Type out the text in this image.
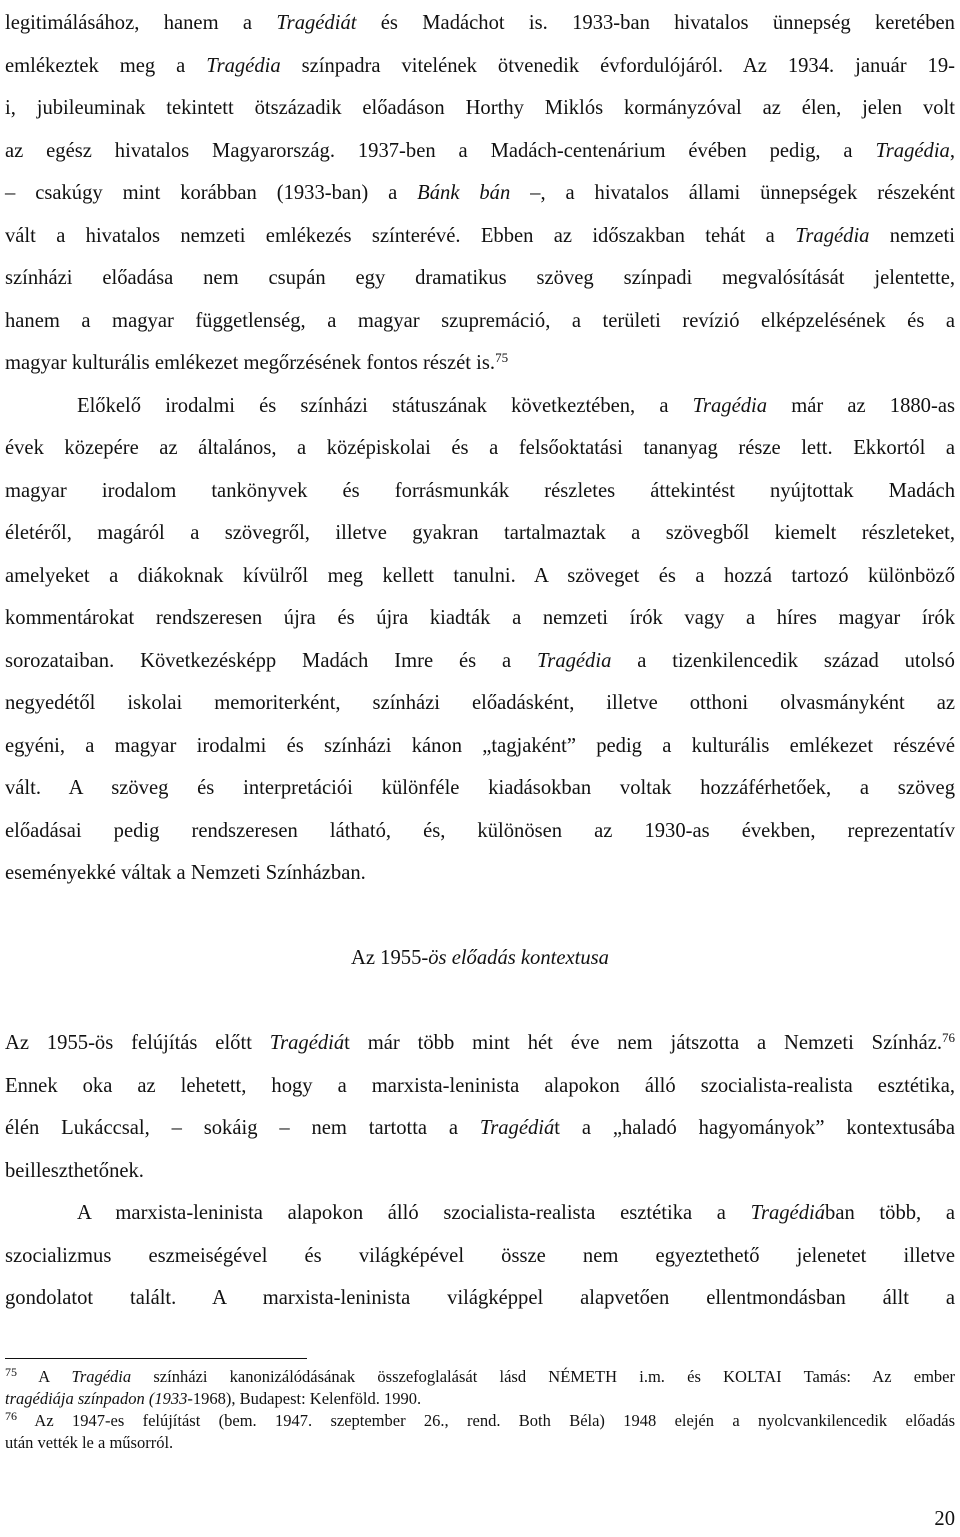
legitimálásához, hanem a Tragédiát és Madáchot is. 1933-ban hivatalos ünnepség keretében
emlékeztek meg a Tragédia színpadra vitelének ötvenedik évfordulójáról. Az 1934. január 19-
i, jubileuminak tekintett ötszázadik előadáson Horthy Miklós kormányzóval az élen, jelen volt
az egész hivatalos Magyarország. 1937-ben a Madách-centenárium évében pedig, a Tragédia,
– csakúgy mint korábban (1933-ban) a Bánk bán –, a hivatalos állami ünnepségek részeként
vált a hivatalos nemzeti emlékezés színterévé. Ebben az időszakban tehát a Tragédia nemzeti
színházi előadása nem csupán egy dramatikus szöveg színpadi megvalósítását jelentette,
hanem a magyar függetlenség, a magyar szupremáció, a területi revízió elképzelésének és a
magyar kulturális emlékezet megőrzésének fontos részét is.$^{75}$
Előkelő irodalmi és színházi státuszának következtében, a Tragédia már az 1880-as
évek közepére az általános, a középiskolai és a felsőoktatási tananyag része lett. Ekkortól a
magyar irodalom tankönyvek és forrásmunkák részletes áttekintést nyújtottak Madách
életéről, magáról a szövegről, illetve gyakran tartalmaztak a szövegből kiemelt részleteket,
amelyeket a diákoknak kívülről meg kellett tanulni. A szöveget és a hozzá tartozó különböző
kommentárokat rendszeresen újra és újra kiadták a nemzeti írók vagy a híres magyar írók
sorozataiban. Következésképp Madách Imre és a Tragédia a tizenkilencedik század utolsó
negyedétől iskolai memoriterként, színházi előadásként, illetve otthoni olvasmányként az
egyéni, a magyar irodalmi és színházi kánon „tagjaként” pedig a kulturális emlékezet részévé
vált. A szöveg és interpretációi különféle kiadásokban voltak hozzáférhetőek, a szöveg
előadásai pedig rendszeresen látható, és, különösen az 1930-as években, reprezentatív
eseményekké váltak a Nemzeti Színházban.
Az 1955-ös előadás kontextusa
Az 1955-ös felújítás előtt Tragédiát már több mint hét éve nem játszotta a Nemzeti Színház.$^{76}$
Ennek oka az lehetett, hogy a marxista-leninista alapokon álló szocialista-realista esztétika,
élén Lukáccsal, – sokáig – nem tartotta a Tragédiát a „haladó hagyományok” kontextusába
beilleszthetőnek.
A marxista-leninista alapokon álló szocialista-realista esztétika a Tragédiában több, a
szocializmus eszmeiségével és világképével össze nem egyeztethető jelenetet illetve
gondolatot talált. A marxista-leninista világképpel alapvetően ellentmondásban állt a
$^{75}$ A Tragédia színházi kanonizálódásának összefoglalását lásd NÉMETH i.m. és KOLTAI Tamás: Az ember
tragédiája színpadon (1933-1968), Budapest: Kelenföld. 1990.
$^{76}$ Az 1947-es felújítást (bem. 1947. szeptember 26., rend. Both Béla) 1948 elején a nyolcvankilencedik előadás
után vették le a műsorról.
20
